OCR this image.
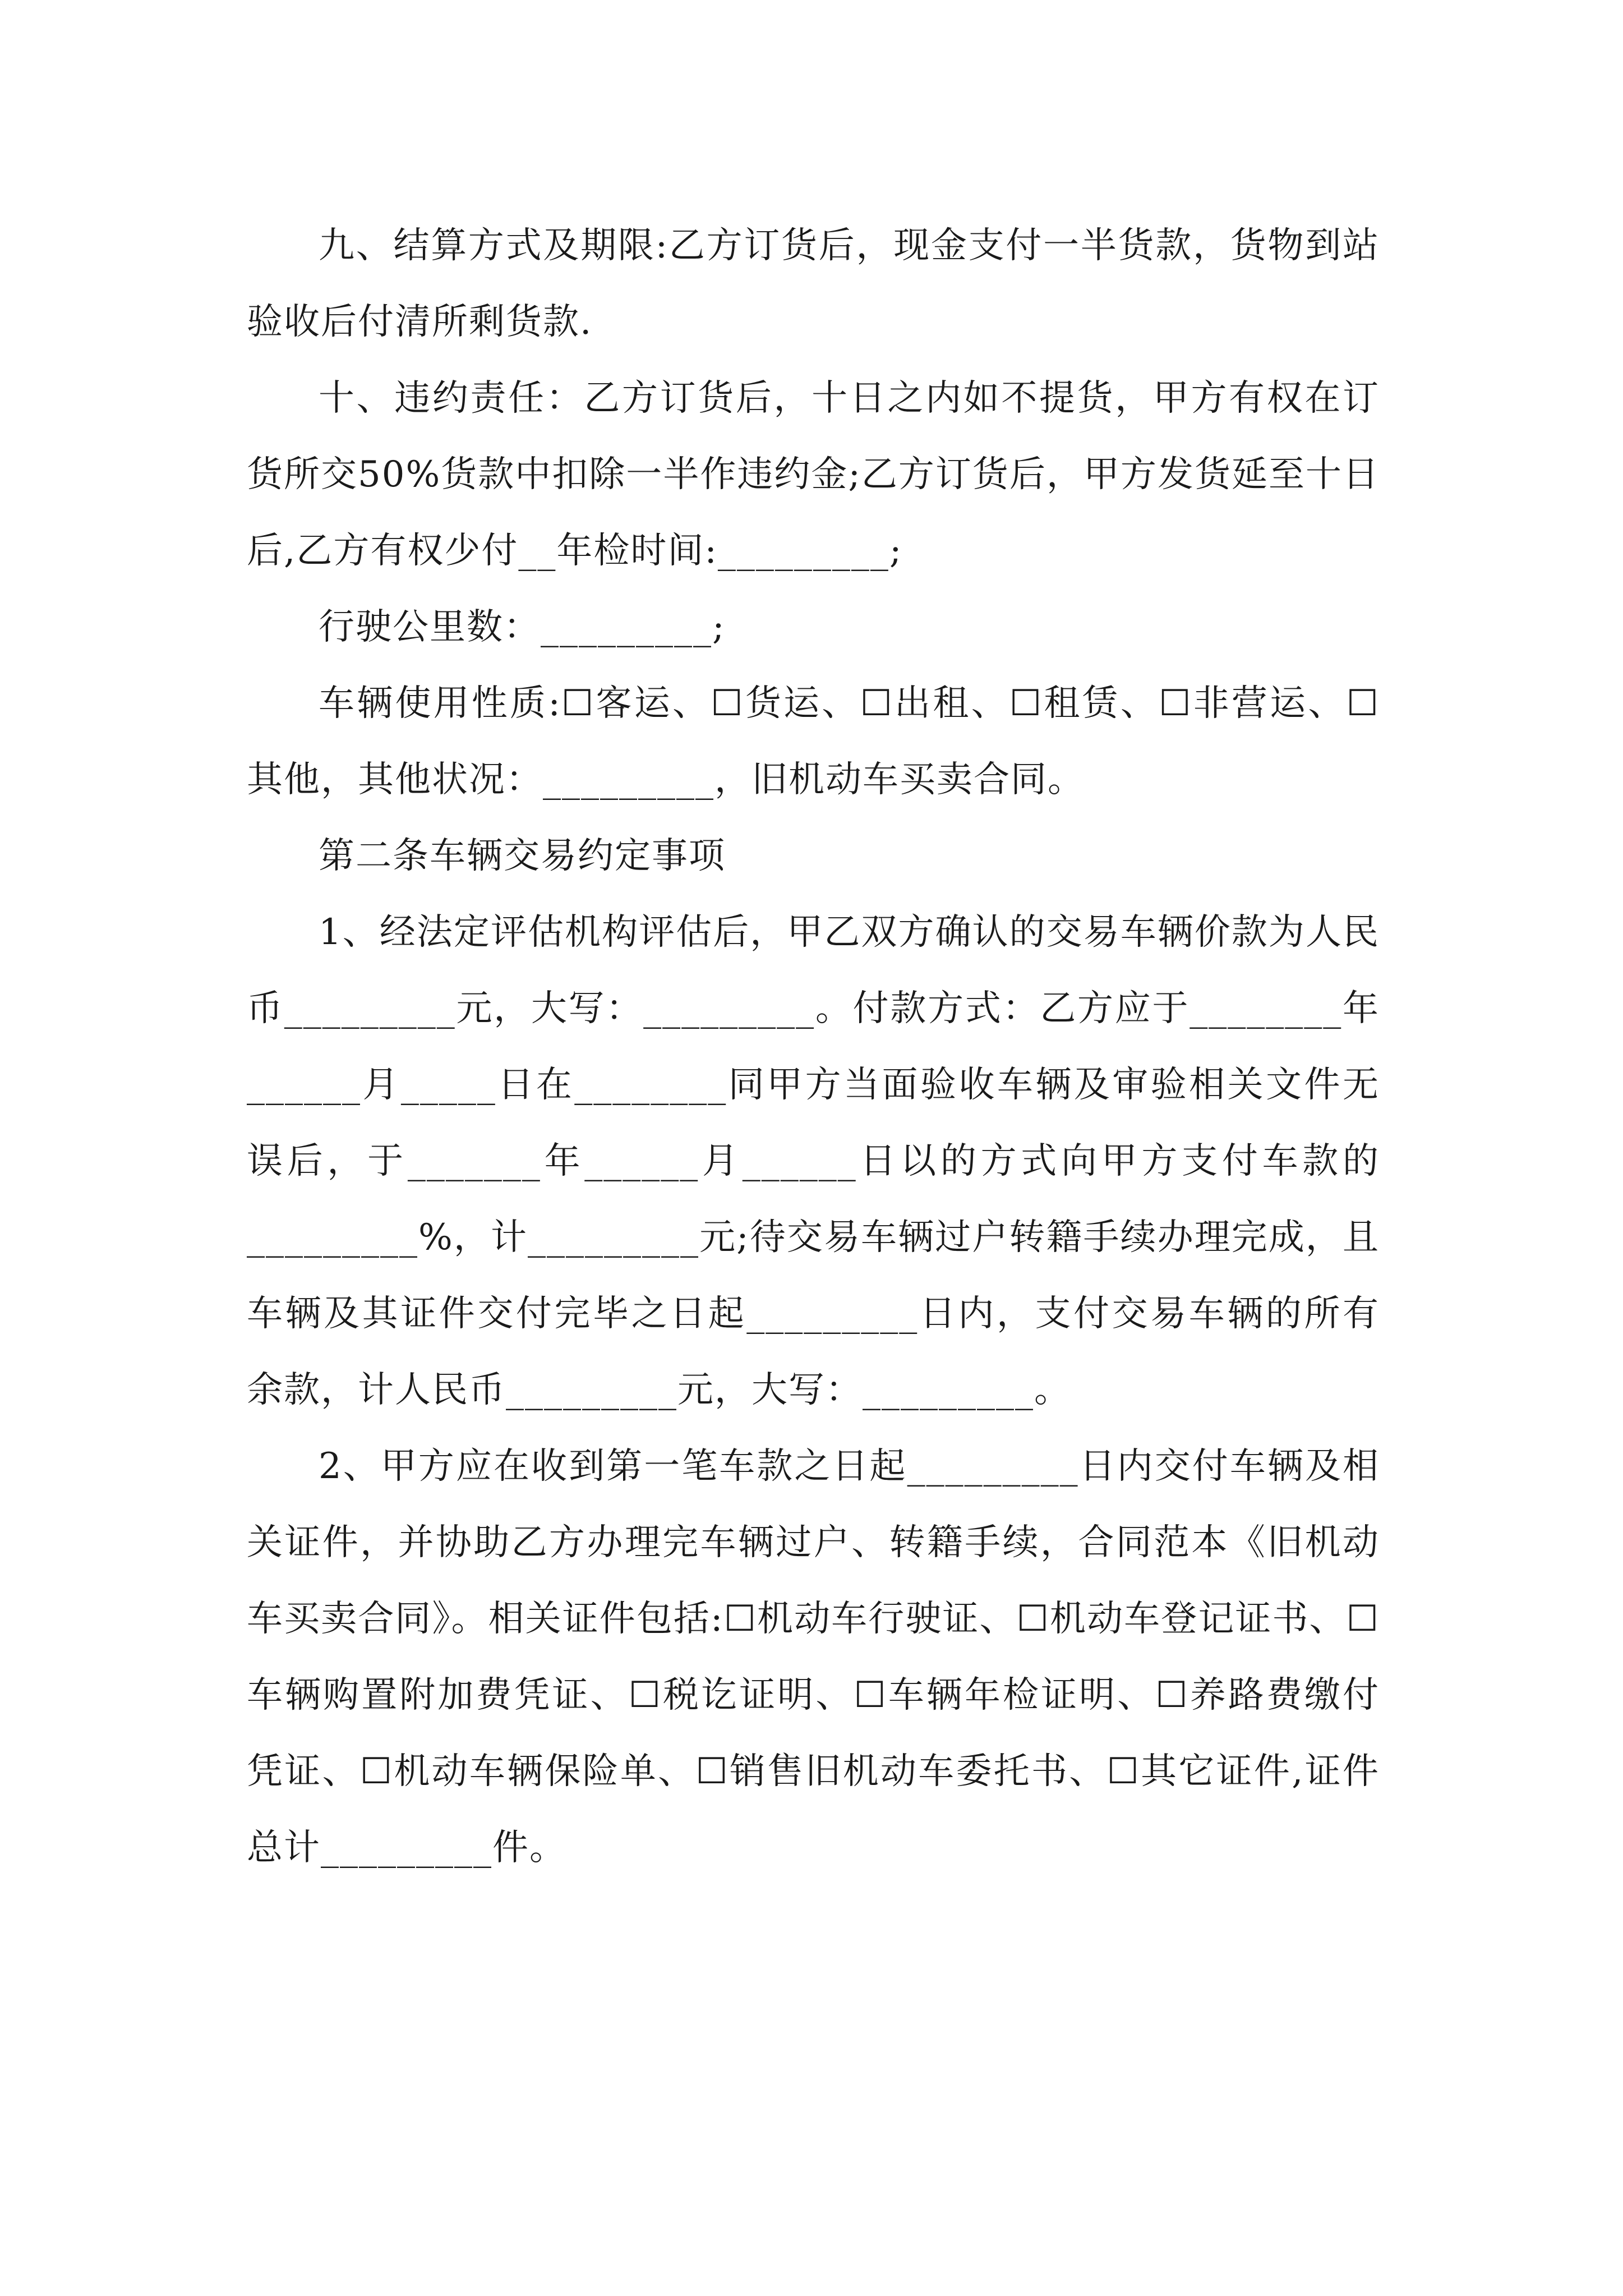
九、结算方式及期限:乙方订货后，现金支付一半货款，货物到站验收后付清所剩货款.

十、违约责任：乙方订货后，十日之内如不提货，甲方有权在订货所交50%货款中扣除一半作违约金;乙方订货后，甲方发货延至十日后,乙方有权少付__年检时间:_________;

行驶公里数：_________;

车辆使用性质:☐客运、☐货运、☐出租、☐租赁、☐非营运、☐其他，其他状况：_________，旧机动车买卖合同。

第二条车辆交易约定事项

1、经法定评估机构评估后，甲乙双方确认的交易车辆价款为人民币_________元，大写：_________。付款方式：乙方应于________年______月_____日在________同甲方当面验收车辆及审验相关文件无误后，于_______年______月______日以的方式向甲方支付车款的_________%，计_________元;待交易车辆过户转籍手续办理完成，且车辆及其证件交付完毕之日起_________日内，支付交易车辆的所有余款，计人民币_________元，大写：_________。

2、甲方应在收到第一笔车款之日起_________日内交付车辆及相关证件，并协助乙方办理完车辆过户、转籍手续，合同范本《旧机动车买卖合同》。相关证件包括:☐机动车行驶证、☐机动车登记证书、☐车辆购置附加费凭证、☐税讫证明、☐车辆年检证明、☐养路费缴付凭证、☐机动车辆保险单、☐销售旧机动车委托书、☐其它证件,证件总计_________件。
